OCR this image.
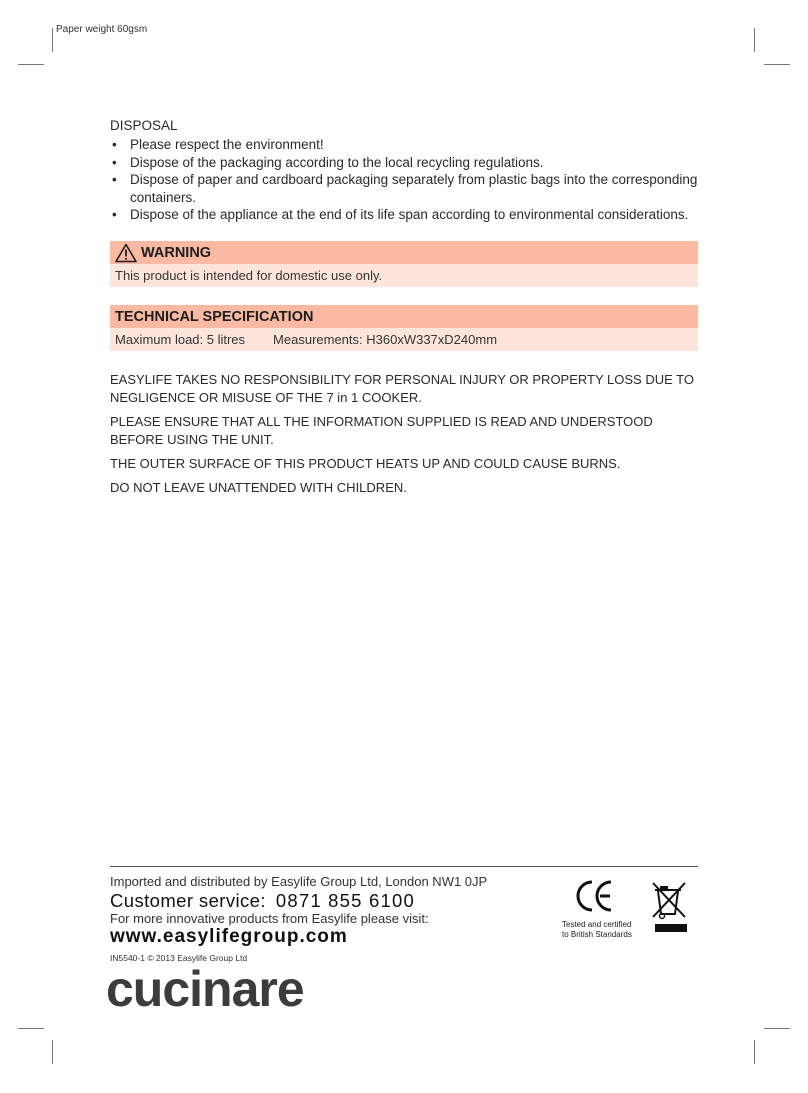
Paper weight 60gsm
DISPOSAL
• Please respect the environment!
• Dispose of the packaging according to the local recycling regulations.
• Dispose of paper and cardboard packaging separately from plastic bags into the corresponding containers.
• Dispose of the appliance at the end of its life span according to environmental considerations.
WARNING
This product is intended for domestic use only.
TECHNICAL SPECIFICATION
Maximum load: 5 litres Measurements: H360xW337xD240mm

EASYLIFE TAKES NO RESPONSIBILITY FOR PERSONAL INJURY OR PROPERTY LOSS DUE TO NEGLIGENCE OR MISUSE OF THE 7 in 1 COOKER.

PLEASE ENSURE THAT ALL THE INFORMATION SUPPLIED IS READ AND UNDERSTOOD BEFORE USING THE UNIT.

THE OUTER SURFACE OF THIS PRODUCT HEATS UP AND COULD CAUSE BURNS.

DO NOT LEAVE UNATTENDED WITH CHILDREN.

Imported and distributed by Easylife Group Ltd, London NW1 0JP
Customer service: 0871 855 6100
For more innovative products from Easylife please visit:
www.easylifegroup.com
IN5540-1 © 2013 Easylife Group Ltd
cucinare
Tested and certified
to British Standards
